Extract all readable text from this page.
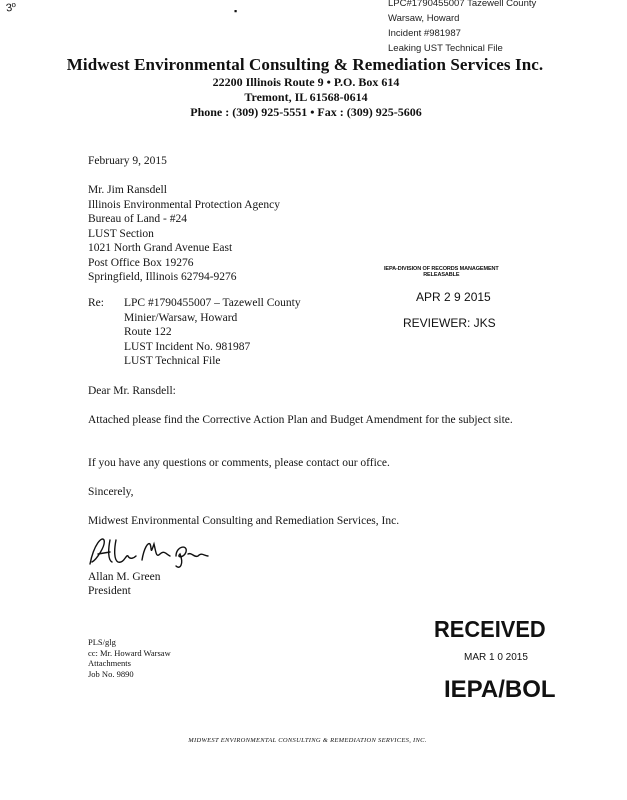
3º	▪
LPC#1790455007 Tazewell County
Warsaw, Howard
Incident #981987
Leaking UST Technical File
Midwest Environmental Consulting & Remediation Services Inc.
22200 Illinois Route 9 • P.O. Box 614
Tremont, IL 61568-0614
Phone : (309) 925-5551 • Fax : (309) 925-5606
February 9, 2015
Mr. Jim Ransdell
Illinois Environmental Protection Agency
Bureau of Land - #24
LUST Section
1021 North Grand Avenue East
Post Office Box 19276
Springfield, Illinois 62794-9276
Re: LPC #1790455007 – Tazewell County
Minier/Warsaw, Howard
Route 122
LUST Incident No. 981987
LUST Technical File
IEPA-DIVISION OF RECORDS MANAGEMENT
RELEASABLE
APR 2 9 2015
REVIEWER: JKS
Dear Mr. Ransdell:
Attached please find the Corrective Action Plan and Budget Amendment for the subject site.
If you have any questions or comments, please contact our office.
Sincerely,
Midwest Environmental Consulting and Remediation Services, Inc.
Allan M. Green
President
PLS/glg
cc: Mr. Howard Warsaw
Attachments
Job No. 9890
RECEIVED
MAR 1 0 2015
IEPA/BOL
MIDWEST ENVIRONMENTAL CONSULTING & REMEDIATION SERVICES, INC.
